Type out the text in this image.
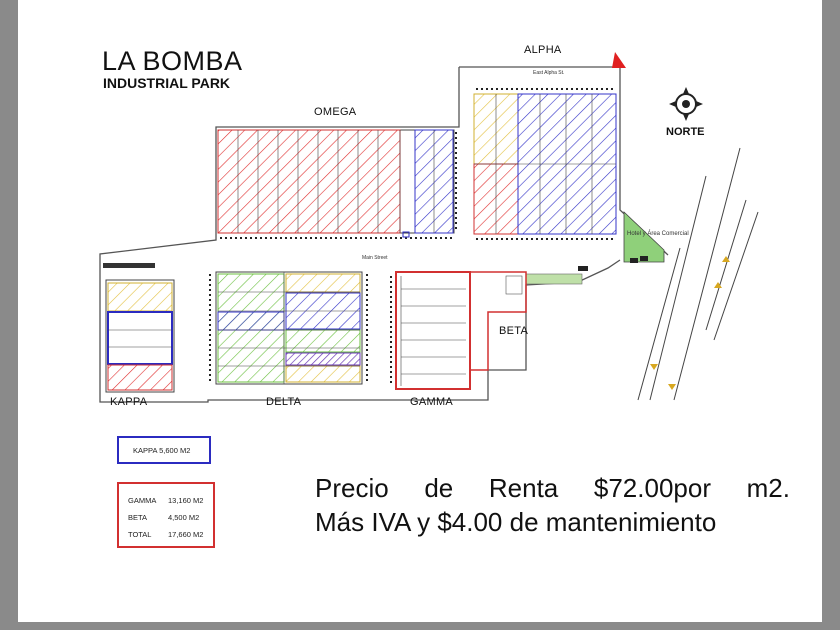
LA BOMBA
INDUSTRIAL PARK
OMEGA
ALPHA
KAPPA	DELTA	GAMMA
BETA
NORTE
East Alpha St.
Main Street
Hotel y Área Comercial
KAPPA 5,600 M2
GAMMA	13,160 M2
BETA	4,500 M2
TOTAL	17,660 M2
Precio de Renta $72.00por m2.
Más IVA y $4.00 de mantenimiento
